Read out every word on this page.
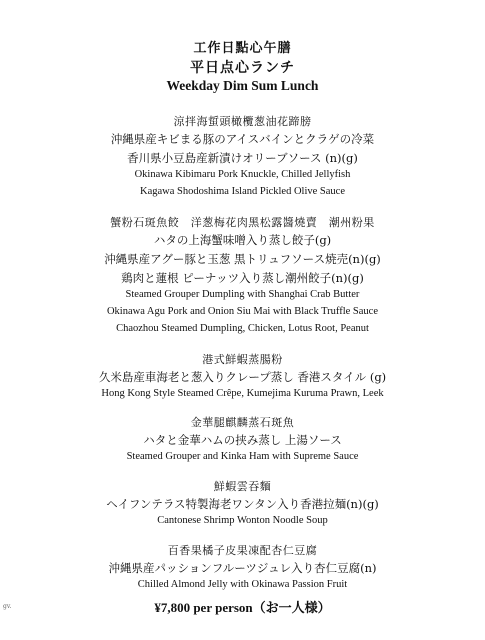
工作日點心午膳
平日点心ランチ
Weekday Dim Sum Lunch
涼拌海蜇頭橄欖葱油花蹄膀
沖縄県産キビまる豚のアイスバインとクラゲの冷菜
香川県小豆島産新漬けオリーブソース (n)(g)
Okinawa Kibimaru Pork Knuckle, Chilled Jellyfish
Kagawa Shodoshima Island Pickled Olive Sauce
蟹粉石斑魚餃　洋葱梅花肉黑松露醬燒賣　潮州粉果
ハタの上海蟹味噌入り蒸し餃子(g)
沖縄県産アグー豚と玉葱 黒トリュフソース焼売(n)(g)
鶏肉と蓮根 ピーナッツ入り蒸し潮州餃子(n)(g)
Steamed Grouper Dumpling with Shanghai Crab Butter
Okinawa Agu Pork and Onion Siu Mai with Black Truffle Sauce
Chaozhou Steamed Dumpling, Chicken, Lotus Root, Peanut
港式鮮蝦蒸腸粉
久米島産車海老と葱入りクレープ蒸し 香港スタイル (g)
Hong Kong Style Steamed Crêpe, Kumejima Kuruma Prawn, Leek
金華腿麒麟蒸石斑魚
ハタと金華ハムの挟み蒸し 上湯ソース
Steamed Grouper and Kinka Ham with Supreme Sauce
鮮蝦雲吞麵
ヘイフンテラス特製海老ワンタン入り香港拉麺(n)(g)
Cantonese Shrimp Wonton Noodle Soup
百香果橘子皮果凍配杏仁豆腐
沖縄県産パッションフルーツジュレ入り杏仁豆腐(n)
Chilled Almond Jelly with Okinawa Passion Fruit
¥7,800 per person（お一人様）
gv.
